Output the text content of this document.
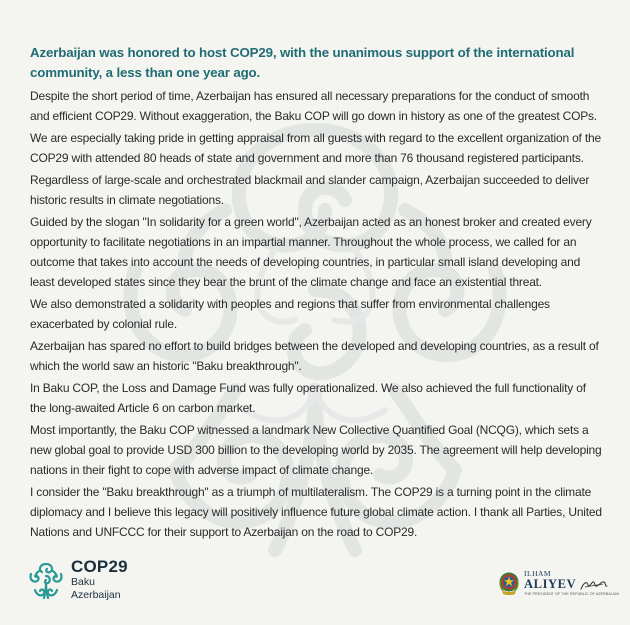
Azerbaijan was honored to host COP29, with the unanimous support of the international community, a less than one year ago.

Despite the short period of time, Azerbaijan has ensured all necessary preparations for the conduct of smooth and efficient COP29. Without exaggeration, the Baku COP will go down in history as one of the greatest COPs.

We are especially taking pride in getting appraisal from all guests with regard to the excellent organization of the COP29 with attended 80 heads of state and government and more than 76 thousand registered participants.

Regardless of large-scale and orchestrated blackmail and slander campaign, Azerbaijan succeeded to deliver historic results in climate negotiations.

Guided by the slogan "In solidarity for a green world", Azerbaijan acted as an honest broker and created every opportunity to facilitate negotiations in an impartial manner. Throughout the whole process, we called for an outcome that takes into account the needs of developing countries, in particular small island developing and least developed states since they bear the brunt of the climate change and face an existential threat.

We also demonstrated a solidarity with peoples and regions that suffer from environmental challenges exacerbated by colonial rule.

Azerbaijan has spared no effort to build bridges between the developed and developing countries, as a result of which the world saw an historic "Baku breakthrough".

In Baku COP, the Loss and Damage Fund was fully operationalized. We also achieved the full functionality of the long-awaited Article 6 on carbon market.

Most importantly, the Baku COP witnessed a landmark New Collective Quantified Goal (NCQG), which sets a new global goal to provide USD 300 billion to the developing world by 2035. The agreement will help developing nations in their fight to cope with adverse impact of climate change.

I consider the "Baku breakthrough" as a triumph of multilateralism. The COP29 is a turning point in the climate diplomacy and I believe this legacy will positively influence future global climate action. I thank all Parties, United Nations and UNFCCC for their support to Azerbaijan on the road to COP29.

COP29
Baku
Azerbaijan
ILHAM
ALIYEV
THE PRESIDENT OF THE REPUBLIC OF AZERBAIJAN
